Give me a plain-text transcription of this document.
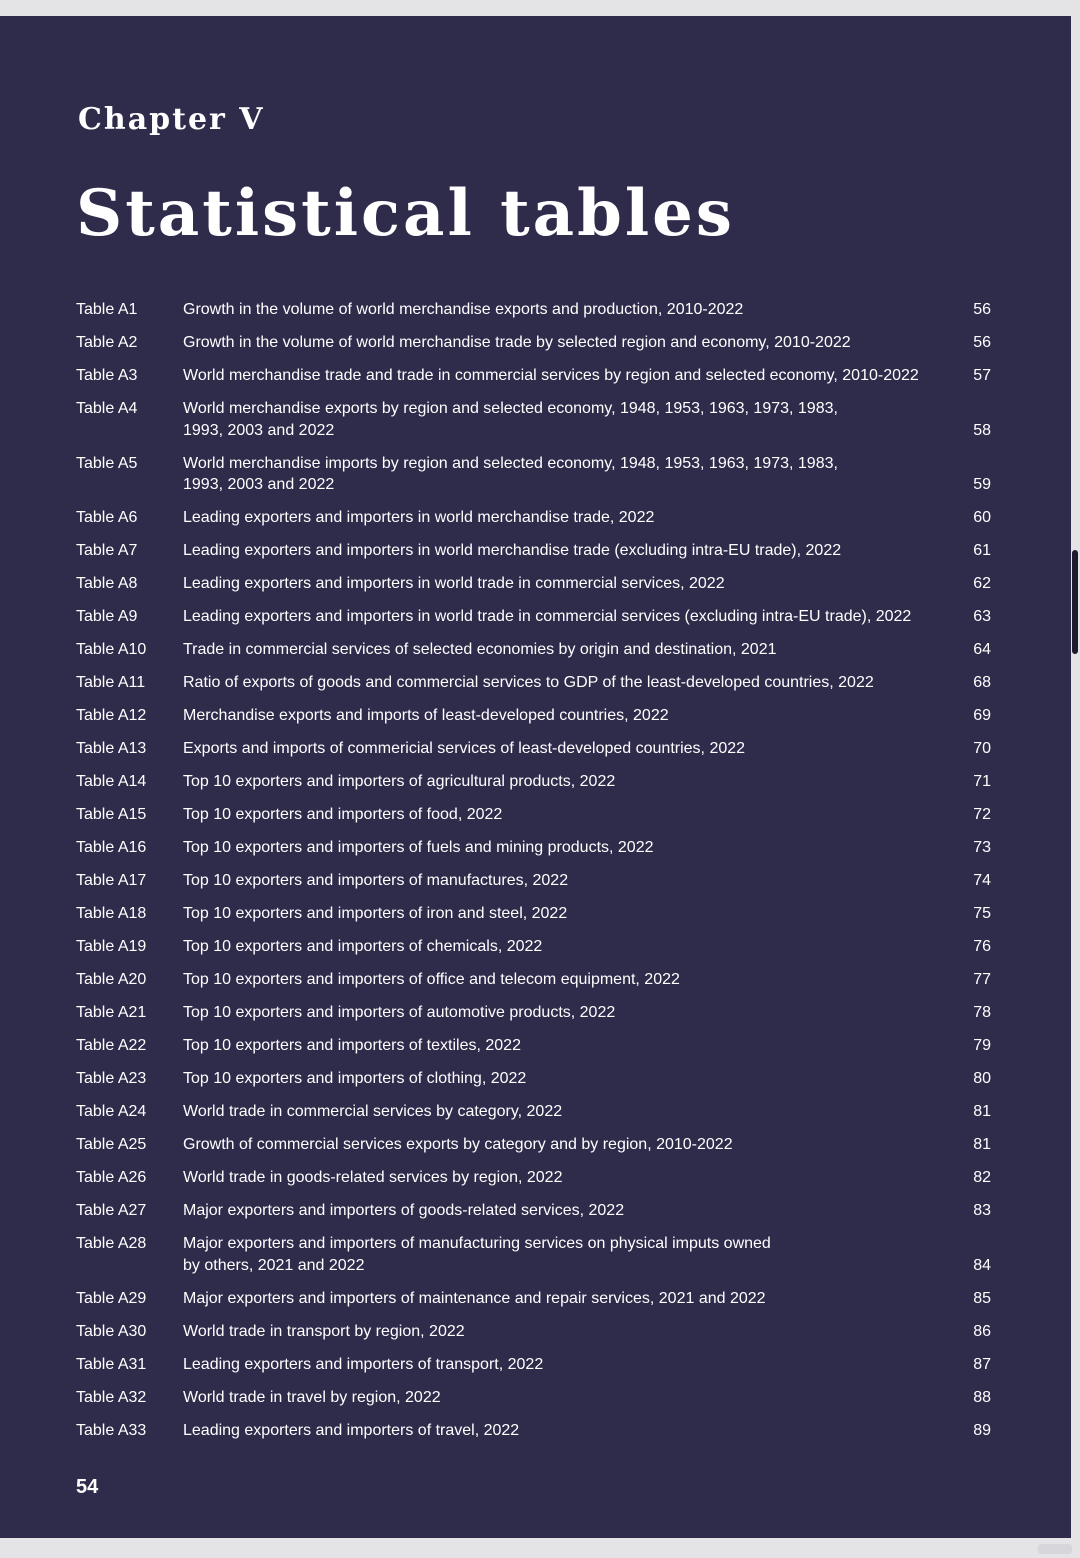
Chapter V
Statistical tables
Table A1	Growth in the volume of world merchandise exports and production, 2010-2022	56
Table A2	Growth in the volume of world merchandise trade by selected region and economy, 2010-2022	56
Table A3	World merchandise trade and trade in commercial services by region and selected economy, 2010-2022	57
Table A4	World merchandise exports by region and selected economy, 1948, 1953, 1963, 1973, 1983,
1993, 2003 and 2022	58
Table A5	World merchandise imports by region and selected economy, 1948, 1953, 1963, 1973, 1983,
1993, 2003 and 2022	59
Table A6	Leading exporters and importers in world merchandise trade, 2022	60
Table A7	Leading exporters and importers in world merchandise trade (excluding intra-EU trade), 2022	61
Table A8	Leading exporters and importers in world trade in commercial services, 2022	62
Table A9	Leading exporters and importers in world trade in commercial services (excluding intra-EU trade), 2022	63
Table A10	Trade in commercial services of selected economies by origin and destination, 2021	64
Table A11	Ratio of exports of goods and commercial services to GDP of the least-developed countries, 2022	68
Table A12	Merchandise exports and imports of least-developed countries, 2022	69
Table A13	Exports and imports of commericial services of least-developed countries, 2022	70
Table A14	Top 10 exporters and importers of agricultural products, 2022	71
Table A15	Top 10 exporters and importers of food, 2022	72
Table A16	Top 10 exporters and importers of fuels and mining products, 2022	73
Table A17	Top 10 exporters and importers of manufactures, 2022	74
Table A18	Top 10 exporters and importers of iron and steel, 2022	75
Table A19	Top 10 exporters and importers of chemicals, 2022	76
Table A20	Top 10 exporters and importers of office and telecom equipment, 2022	77
Table A21	Top 10 exporters and importers of automotive products, 2022	78
Table A22	Top 10 exporters and importers of textiles, 2022	79
Table A23	Top 10 exporters and importers of clothing, 2022	80
Table A24	World trade in commercial services by category, 2022	81
Table A25	Growth of commercial services exports by category and by region, 2010-2022	81
Table A26	World trade in goods-related services by region, 2022	82
Table A27	Major exporters and importers of goods-related services, 2022	83
Table A28	Major exporters and importers of manufacturing services on physical imputs owned
by others, 2021 and 2022	84
Table A29	Major exporters and importers of maintenance and repair services, 2021 and 2022	85
Table A30	World trade in transport by region, 2022	86
Table A31	Leading exporters and importers of transport, 2022	87
Table A32	World trade in travel by region, 2022	88
Table A33	Leading exporters and importers of travel, 2022	89

54
